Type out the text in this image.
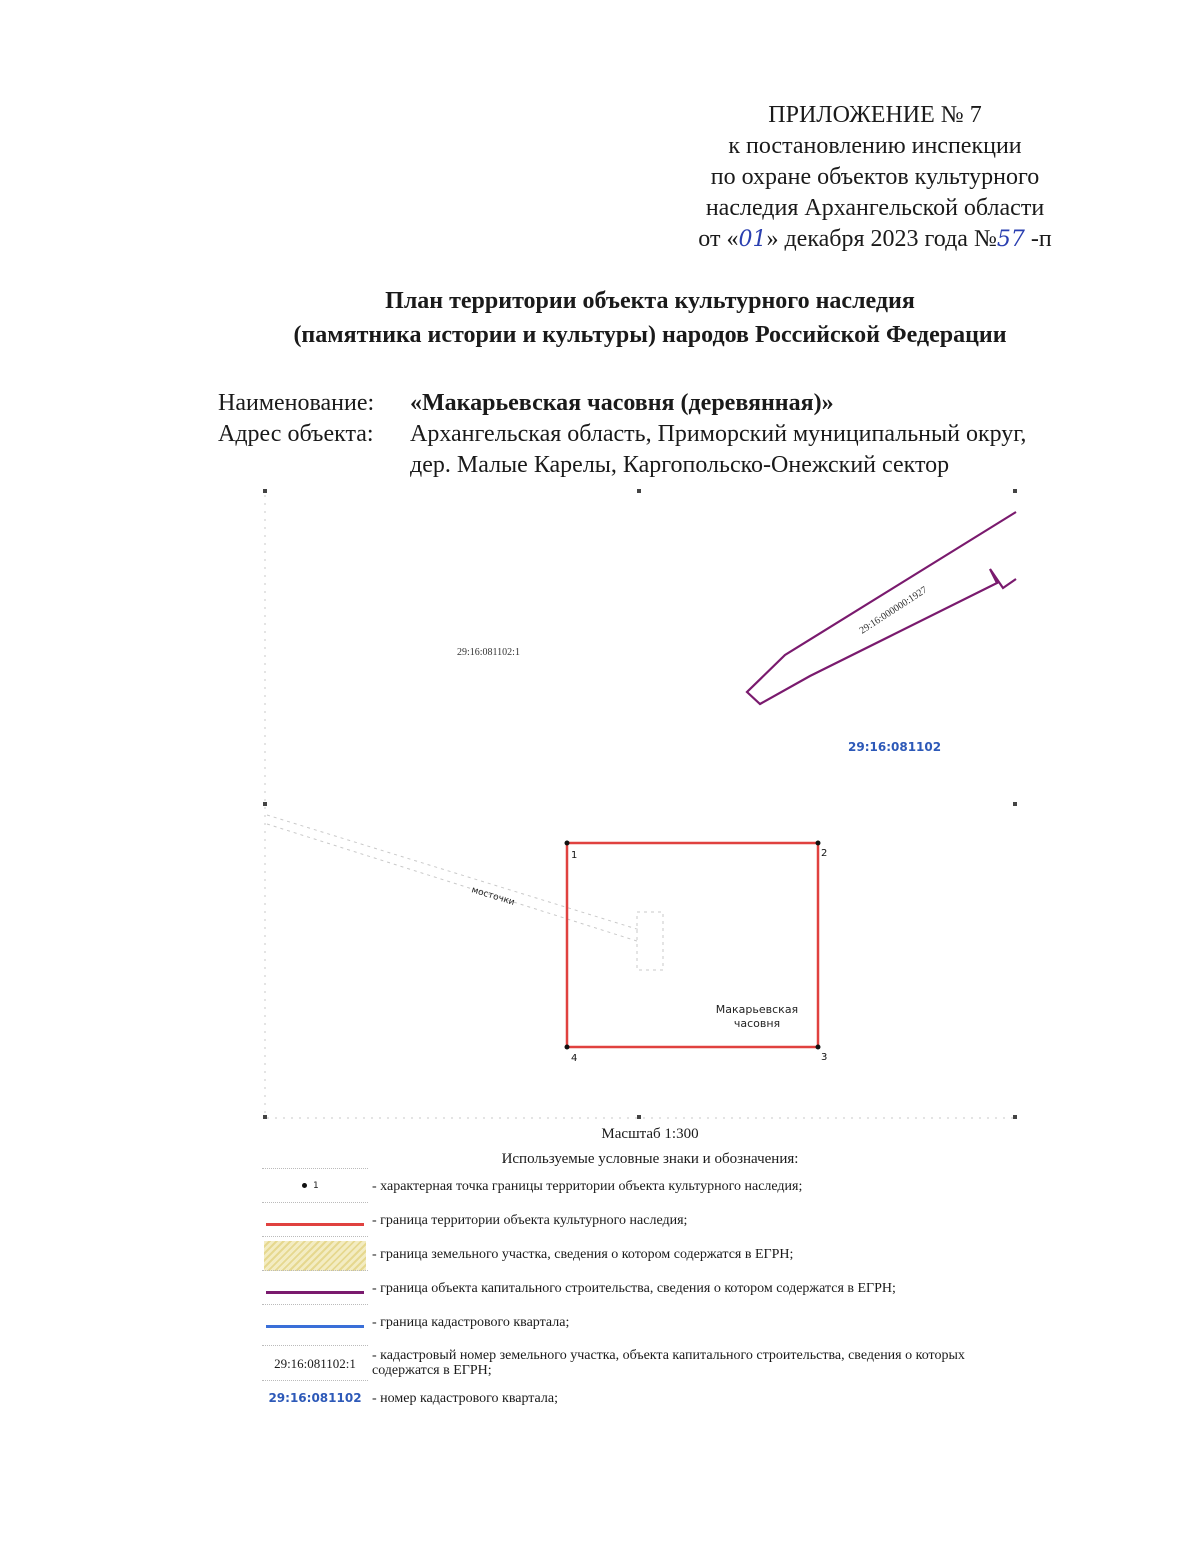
ПРИЛОЖЕНИЕ № 7
к постановлению инспекции
по охране объектов культурного
наследия Архангельской области
от «01» декабря 2023 года №57 -п
План территории объекта культурного наследия
(памятника истории и культуры) народов Российской Федерации
Наименование:	«Макарьевская часовня (деревянная)»
Адрес объекта:	Архангельская область, Приморский муниципальный округ,
дер. Малые Карелы, Каргопольско-Онежский сектор
29:16:000000:1927
29:16:081102:1
29:16:081102
мосточки
1	2
3
4
Макарьевская
часовня
Масштаб 1:300
Используемые условные знаки и обозначения:
1	- характерная точка границы территории объекта культурного наследия;
- граница территории объекта культурного наследия;
- граница земельного участка, сведения о котором содержатся в ЕГРН;
- граница объекта капитального строительства, сведения о котором содержатся в ЕГРН;
- граница кадастрового квартала;
29:16:081102:1	- кадастровый номер земельного участка, объекта капитального строительства, сведения о которых содержатся в ЕГРН;
29:16:081102 - номер кадастрового квартала;
